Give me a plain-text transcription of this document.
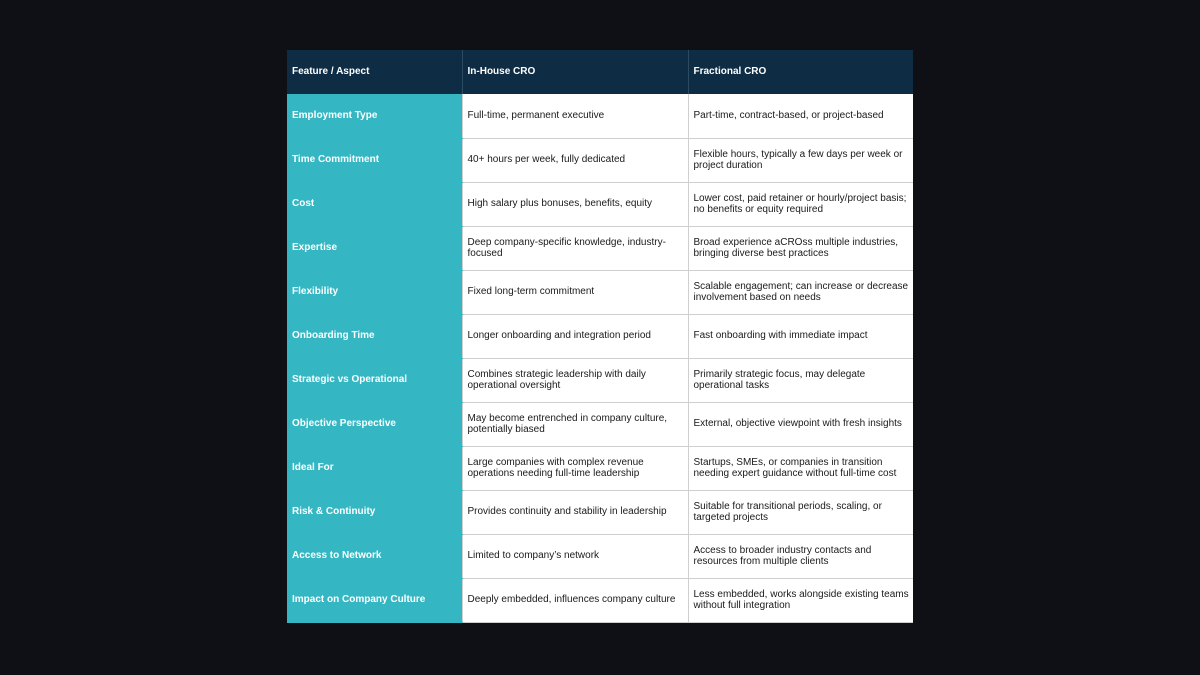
Feature / Aspect	In-House CRO	Fractional CRO
Employment Type	Full-time, permanent executive	Part-time, contract-based, or project-based
Time Commitment	40+ hours per week, fully dedicated	Flexible hours, typically a few days per week or project duration
Cost	High salary plus bonuses, benefits, equity	Lower cost, paid retainer or hourly/project basis; no benefits or equity required
Expertise	Deep company-specific knowledge, industry-focused	Broad experience aCROss multiple industries, bringing diverse best practices
Flexibility	Fixed long-term commitment	Scalable engagement; can increase or decrease involvement based on needs
Onboarding Time	Longer onboarding and integration period	Fast onboarding with immediate impact
Strategic vs Operational	Combines strategic leadership with daily operational oversight	Primarily strategic focus, may delegate operational tasks
Objective Perspective	May become entrenched in company culture, potentially biased	External, objective viewpoint with fresh insights
Ideal For	Large companies with complex revenue operations needing full-time leadership	Startups, SMEs, or companies in transition needing expert guidance without full-time cost
Risk & Continuity	Provides continuity and stability in leadership	Suitable for transitional periods, scaling, or targeted projects
Access to Network	Limited to company’s network	Access to broader industry contacts and resources from multiple clients
Impact on Company Culture	Deeply embedded, influences company culture	Less embedded, works alongside existing teams without full integration
